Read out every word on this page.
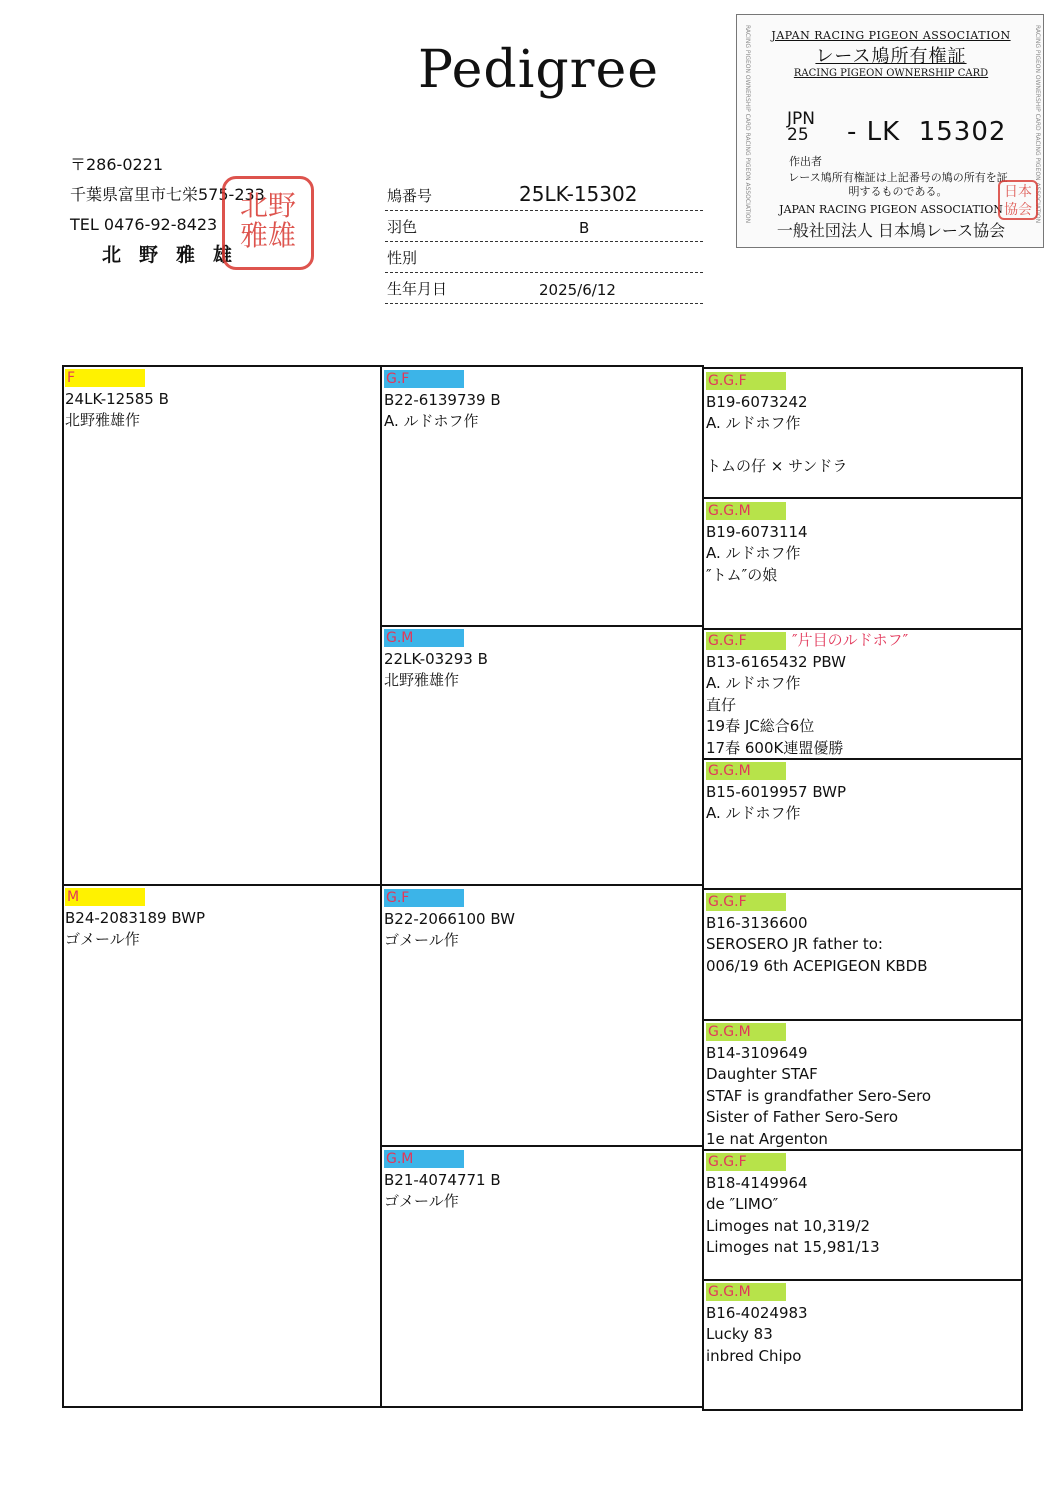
Pedigree
〒286-0221
千葉県富里市七栄575-233
TEL 0476-92-8423
北野雅雄
北野雅雄
鳩番号	25LK-15302
羽色	B
性別
生年月日	2025/6/12
RACING PIGEON OWNERSHIP CARD RACING PIGEON ASSOCIATION	RACING PIGEON OWNERSHIP CARD RACING PIGEON ASSOCIATION
JAPAN RACING PIGEON ASSOCIATION
レース鳩所有権証
RACING PIGEON OWNERSHIP CARD
JPN
25 - LK 15302
作出者
レース鳩所有権証は上記番号の鳩の所有を証明するものである。
JAPAN RACING PIGEON ASSOCIATION
一般社団法人 日本鳩レース協会
日本協会
F
24LK-12585 B
北野雅雄作
M
B24-2083189 BWP
ゴメール作
G.F
B22-6139739 B
A. ルドホフ作
G.M
22LK-03293 B
北野雅雄作
G.F
B22-2066100 BW
ゴメール作
G.M
B21-4074771 B
ゴメール作
G.G.F
B19-6073242
A. ルドホフ作
トムの仔 × サンドラ
G.G.M
B19-6073114
A. ルドホフ作
″トム″の娘
G.G.F	″片目のルドホフ″
B13-6165432 PBW
A. ルドホフ作
直仔
19春 JC総合6位
17春 600K連盟優勝
G.G.M
B15-6019957 BWP
A. ルドホフ作
G.G.F
B16-3136600
SEROSERO JR father to:
006/19 6th ACEPIGEON KBDB
G.G.M
B14-3109649
Daughter STAF
STAF is grandfather Sero-Sero
Sister of Father Sero-Sero
1e nat Argenton
G.G.F
B18-4149964
de ″LIMO″
Limoges nat 10,319/2
Limoges nat 15,981/13
G.G.M
B16-4024983
Lucky 83
inbred Chipo
